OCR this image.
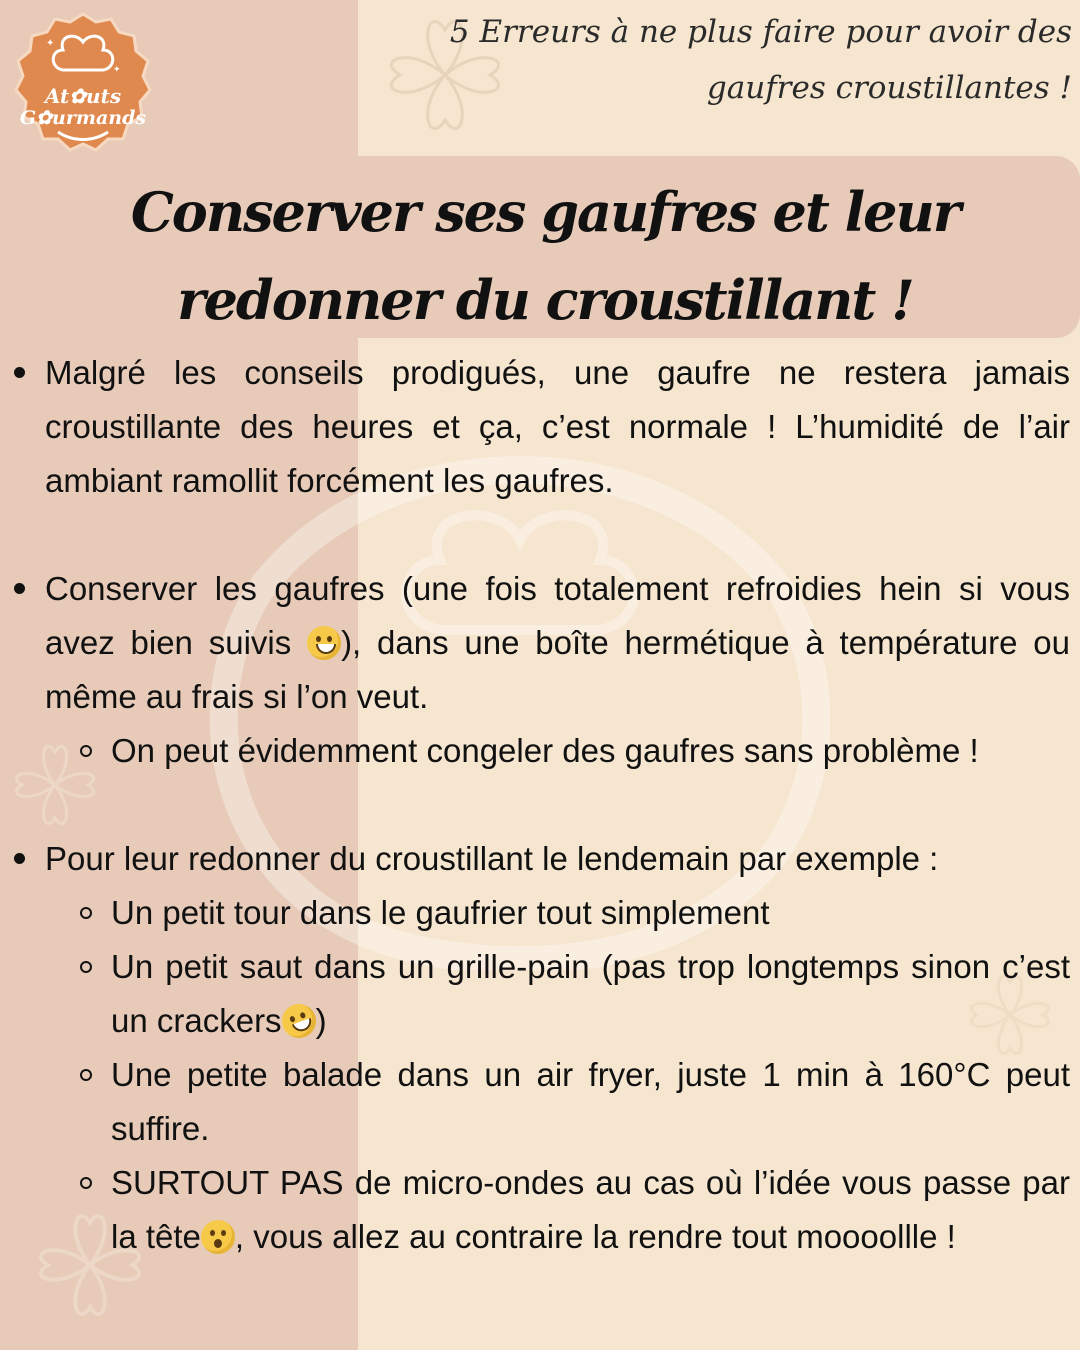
✦
✦
At✿uts
G✿urmands
5 Erreurs à ne plus faire pour avoir des
gaufres croustillantes !
Conserver ses gaufres et leur redonner du croustillant !
Malgré les conseils prodigués, une gaufre ne restera jamais croustillante des heures et ça, c’est normale ! L’humidité de l’air ambiant ramollit forcément les gaufres.
Conserver les gaufres (une fois totalement refroidies hein si vous avez bien suivis
), dans une boîte hermétique à température ou même au frais si l’on veut.
On peut évidemment congeler des gaufres sans problème !
Pour leur redonner du croustillant le lendemain par exemple :
Un petit tour dans le gaufrier tout simplement
Un petit saut dans un grille-pain (pas trop longtemps sinon c’est un crackers )
Une petite balade dans un air fryer, juste 1 min à 160°C peut suffire.
SURTOUT PAS de micro-ondes au cas où l’idée vous passe par la tête , vous allez au contraire la rendre tout moooollle !
